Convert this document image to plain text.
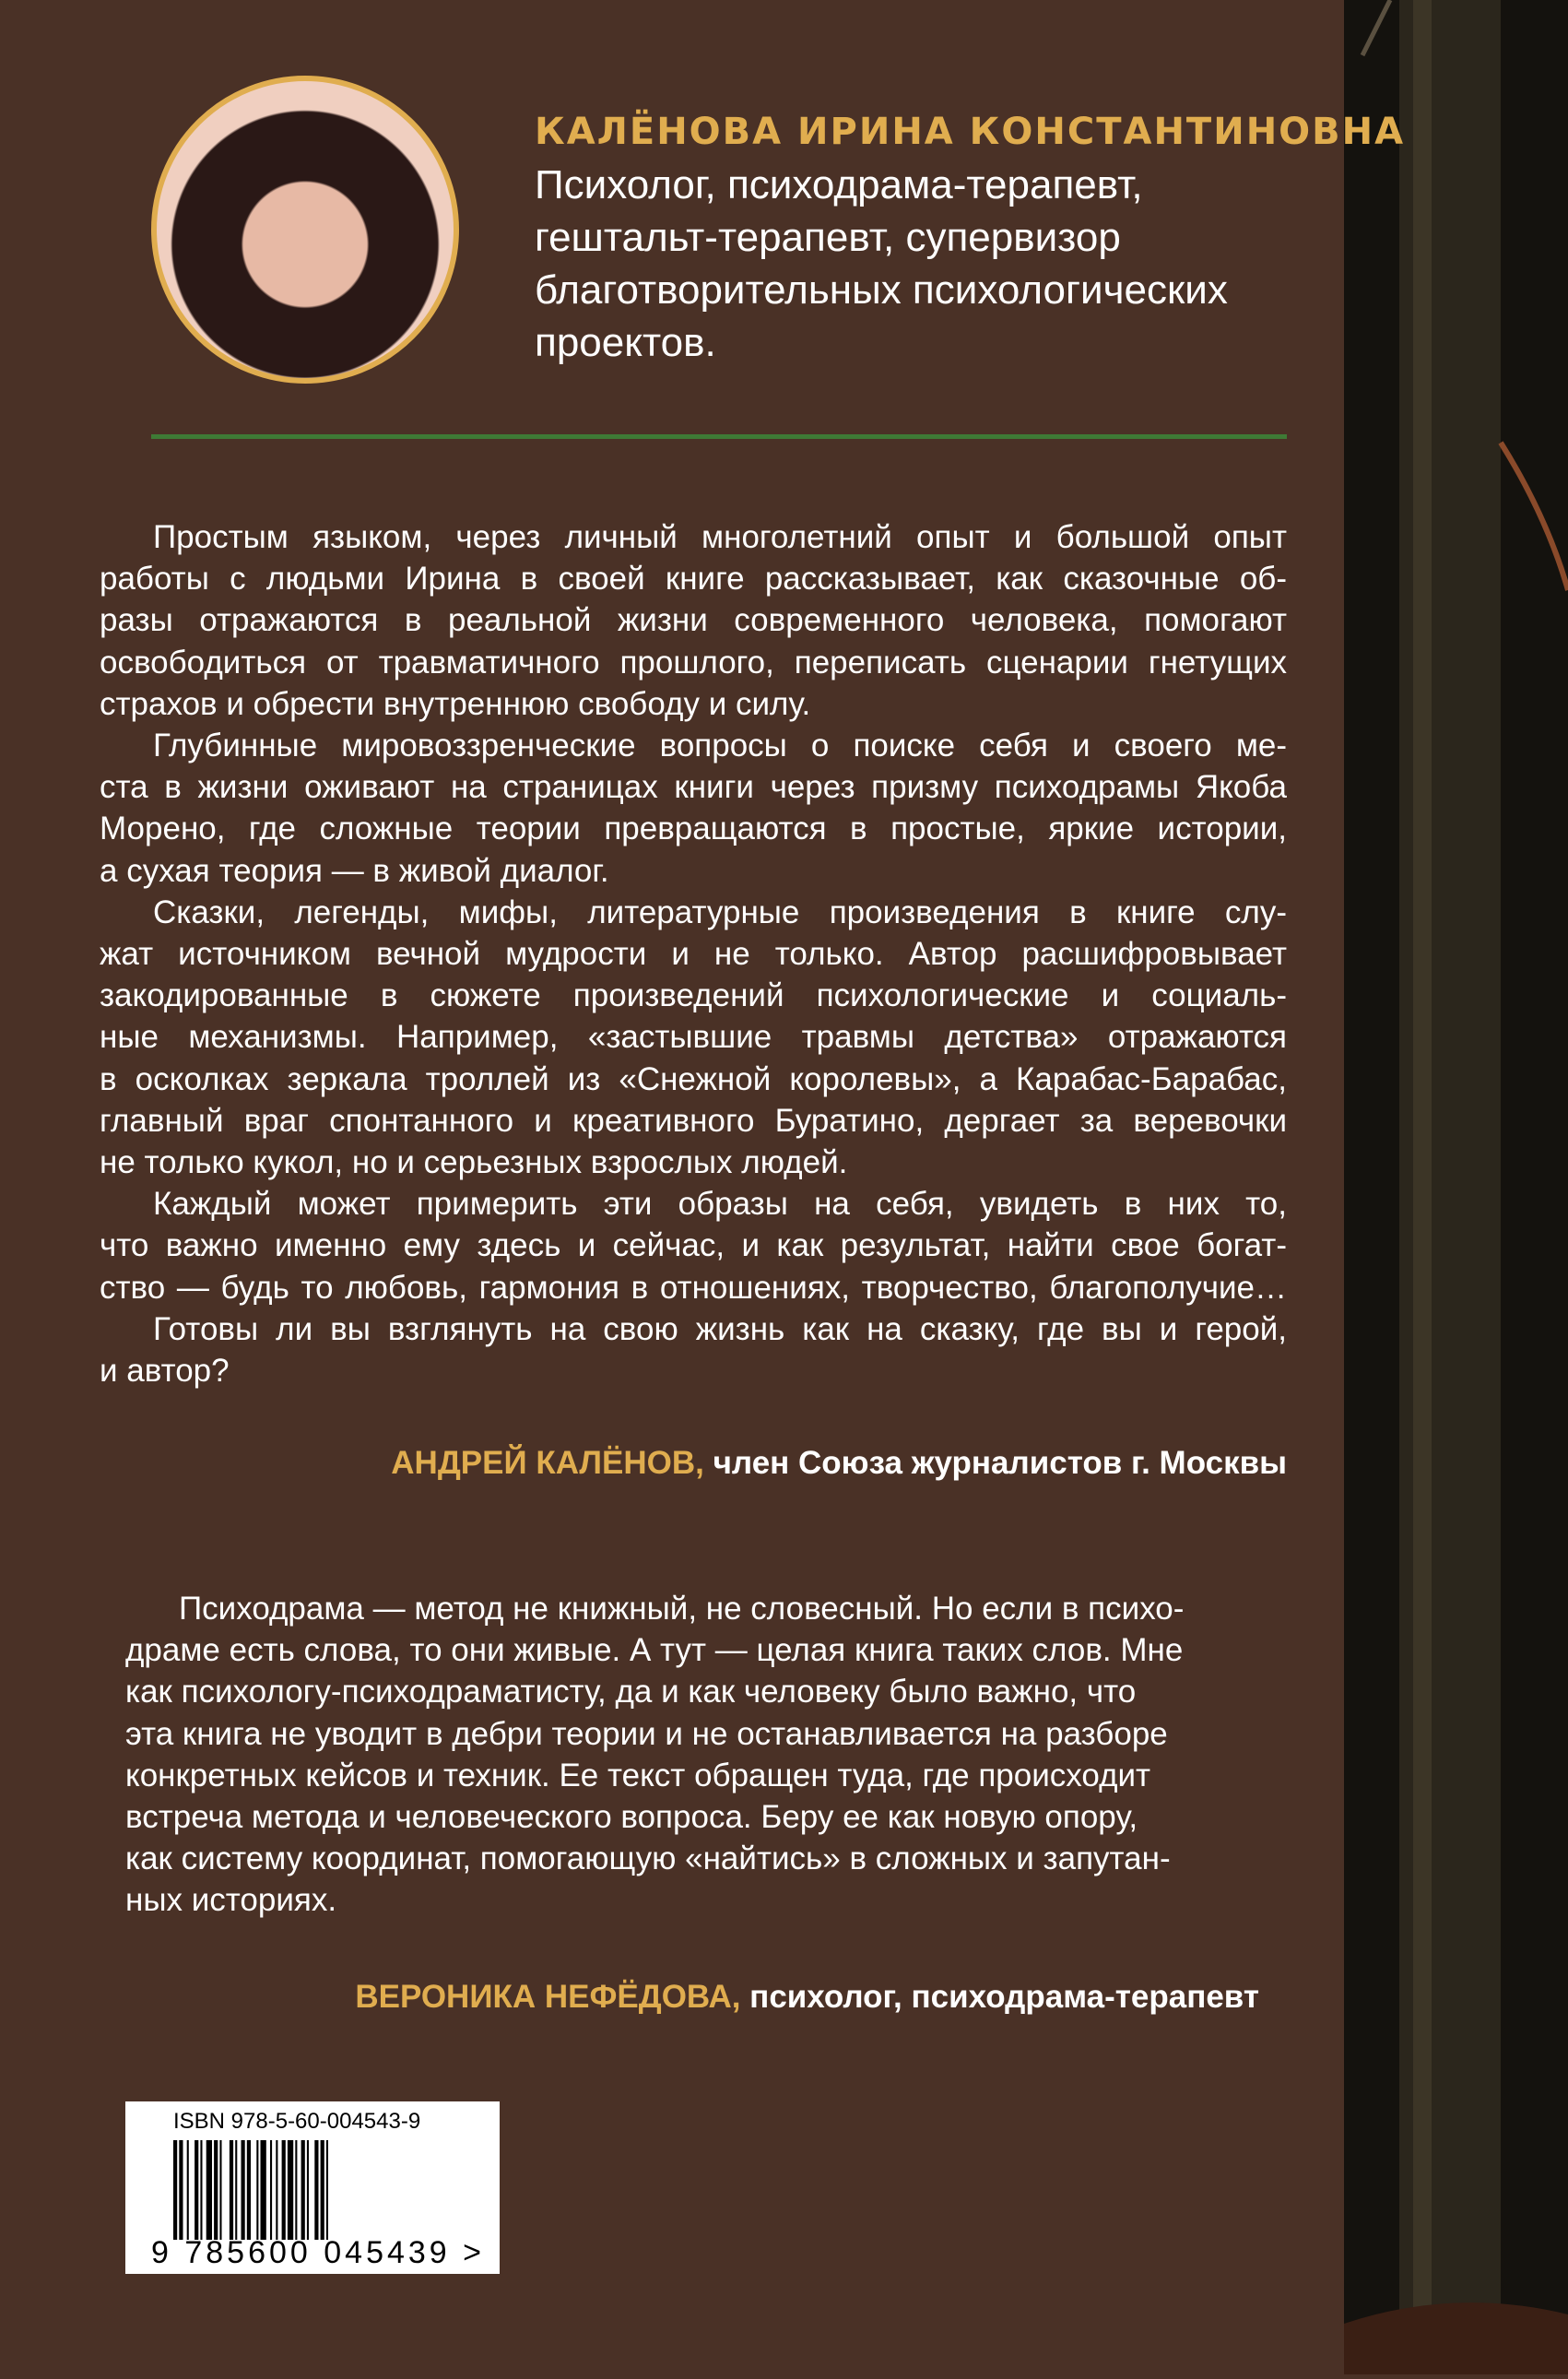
КАЛЁНОВА ИРИНА КОНСТАНТИНОВНА
Психолог, психодрама-терапевт,
гештальт-терапевт, супервизор
благотворительных психологических
проектов.
Простым языком, через личный многолетний опыт и большой опыт
работы с людьми Ирина в своей книге рассказывает, как сказочные об-
разы отражаются в реальной жизни современного человека, помогают
освободиться от травматичного прошлого, переписать сценарии гнетущих
страхов и обрести внутреннюю свободу и силу.
Глубинные мировоззренческие вопросы о поиске себя и своего ме-
ста в жизни оживают на страницах книги через призму психодрамы Якоба
Морено, где сложные теории превращаются в простые, яркие истории,
а сухая теория — в живой диалог.
Сказки, легенды, мифы, литературные произведения в книге слу-
жат источником вечной мудрости и не только. Автор расшифровывает
закодированные в сюжете произведений психологические и социаль-
ные механизмы. Например, «застывшие травмы детства» отражаются
в осколках зеркала троллей из «Снежной королевы», а Карабас-Барабас,
главный враг спонтанного и креативного Буратино, дергает за веревочки
не только кукол, но и серьезных взрослых людей.
Каждый может примерить эти образы на себя, увидеть в них то,
что важно именно ему здесь и сейчас, и как результат, найти свое богат-
ство — будь то любовь, гармония в отношениях, творчество, благополучие…
Готовы ли вы взглянуть на свою жизнь как на сказку, где вы и герой,
и автор?
АНДРЕЙ КАЛЁНОВ, член Союза журналистов г. Москвы
Психодрама — метод не книжный, не словесный. Но если в психо-
драме есть слова, то они живые. А тут — целая книга таких слов. Мне
как психологу-психодраматисту, да и как человеку было важно, что
эта книга не уводит в дебри теории и не останавливается на разборе
конкретных кейсов и техник. Ее текст обращен туда, где происходит
встреча метода и человеческого вопроса. Беру ее как новую опору,
как систему координат, помогающую «найтись» в сложных и запутан-
ных историях.
ВЕРОНИКА НЕФЁДОВА, психолог, психодрама-терапевт
ISBN 978-5-60-004543-9
9 785600 045439 >
